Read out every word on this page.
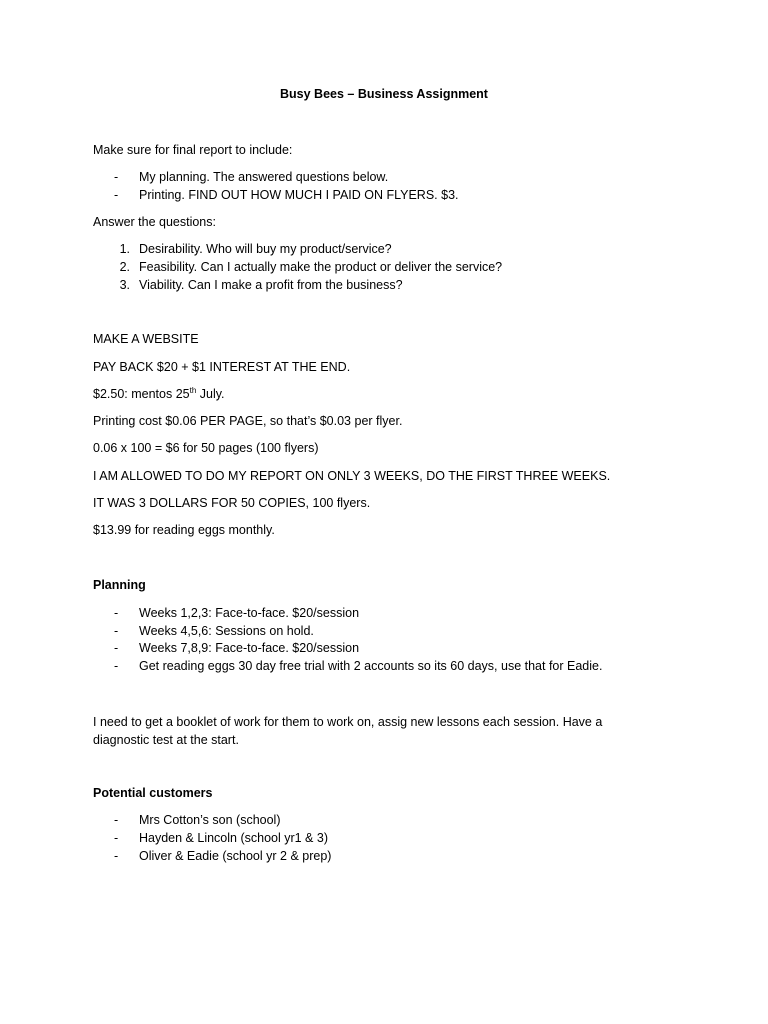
Busy Bees – Business Assignment

Make sure for final report to include:

- My planning. The answered questions below.
- Printing. FIND OUT HOW MUCH I PAID ON FLYERS. $3.

Answer the questions:

1. Desirability. Who will buy my product/service?
2. Feasibility. Can I actually make the product or deliver the service?
3. Viability. Can I make a profit from the business?

MAKE A WEBSITE

PAY BACK $20 + $1 INTEREST AT THE END.

$2.50: mentos 25th July.

Printing cost $0.06 PER PAGE, so that’s $0.03 per flyer.

0.06 x 100 = $6 for 50 pages (100 flyers)

I AM ALLOWED TO DO MY REPORT ON ONLY 3 WEEKS, DO THE FIRST THREE WEEKS.

IT WAS 3 DOLLARS FOR 50 COPIES, 100 flyers.

$13.99 for reading eggs monthly.

Planning

- Weeks 1,2,3: Face-to-face. $20/session
- Weeks 4,5,6: Sessions on hold.
- Weeks 7,8,9: Face-to-face. $20/session
- Get reading eggs 30 day free trial with 2 accounts so its 60 days, use that for Eadie.

I need to get a booklet of work for them to work on, assig new lessons each session. Have a diagnostic test at the start.

Potential customers

- Mrs Cotton’s son (school)
- Hayden & Lincoln (school yr1 & 3)
- Oliver & Eadie (school yr 2 & prep)
